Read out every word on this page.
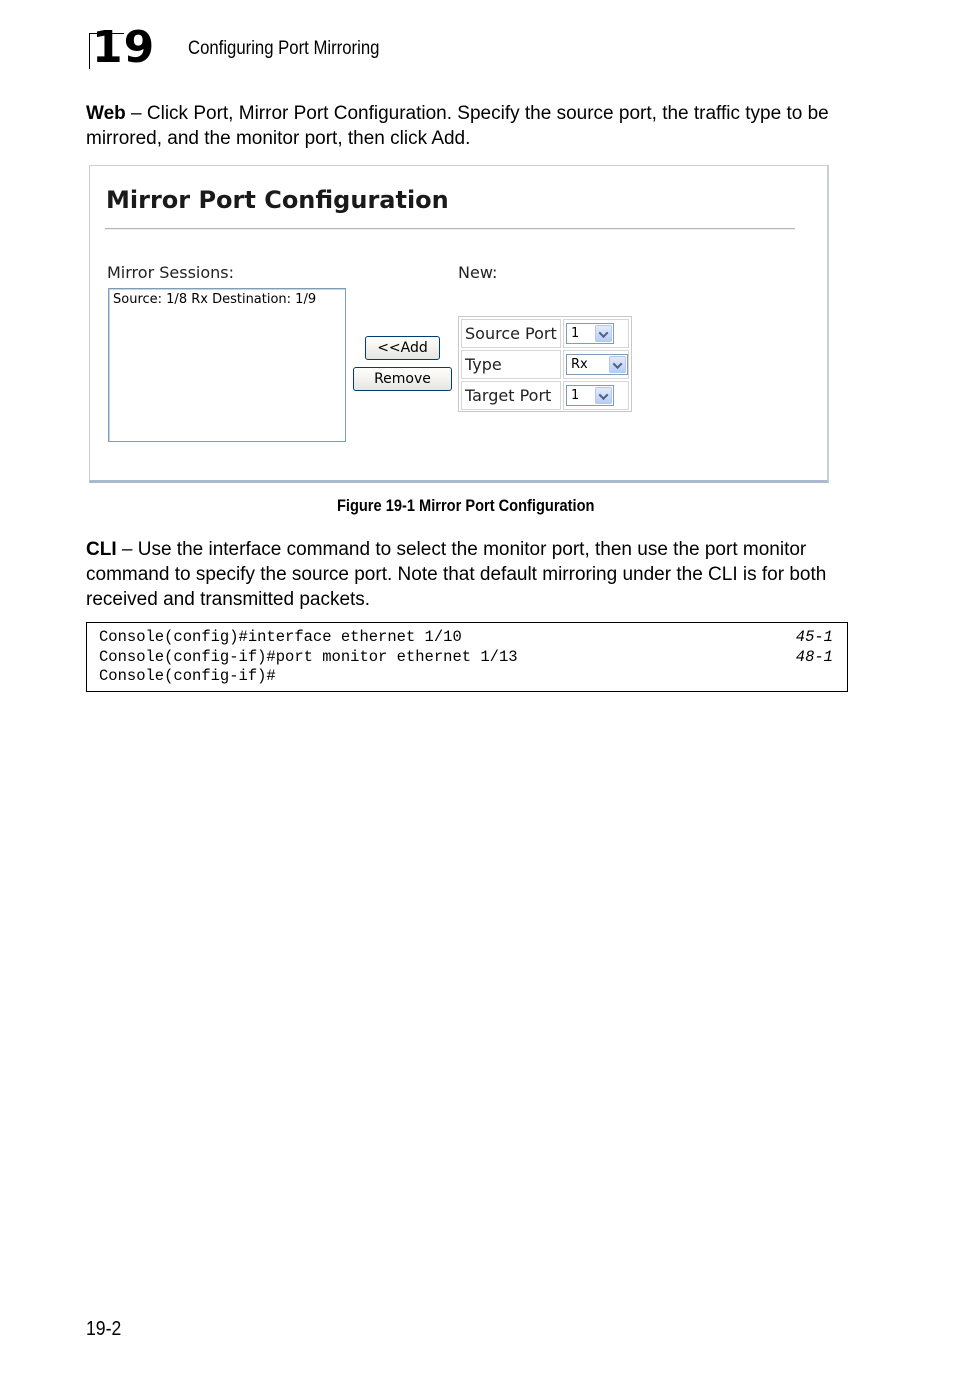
19 Configuring Port Mirroring
Web – Click Port, Mirror Port Configuration. Specify the source port, the traffic type to be mirrored, and the monitor port, then click Add.
Mirror Port Configuration
Mirror Sessions:
Source: 1/8 Rx Destination: 1/9
New:
<<Add
Remove
Source Port	1
Type	Rx
Target Port	1
Figure 19-1 Mirror Port Configuration
CLI – Use the interface command to select the monitor port, then use the port monitor command to specify the source port. Note that default mirroring under the CLI is for both received and transmitted packets.
Console(config)#interface ethernet 1/10	45-1
Console(config-if)#port monitor ethernet 1/13	48-1
Console(config-if)#
19-2
